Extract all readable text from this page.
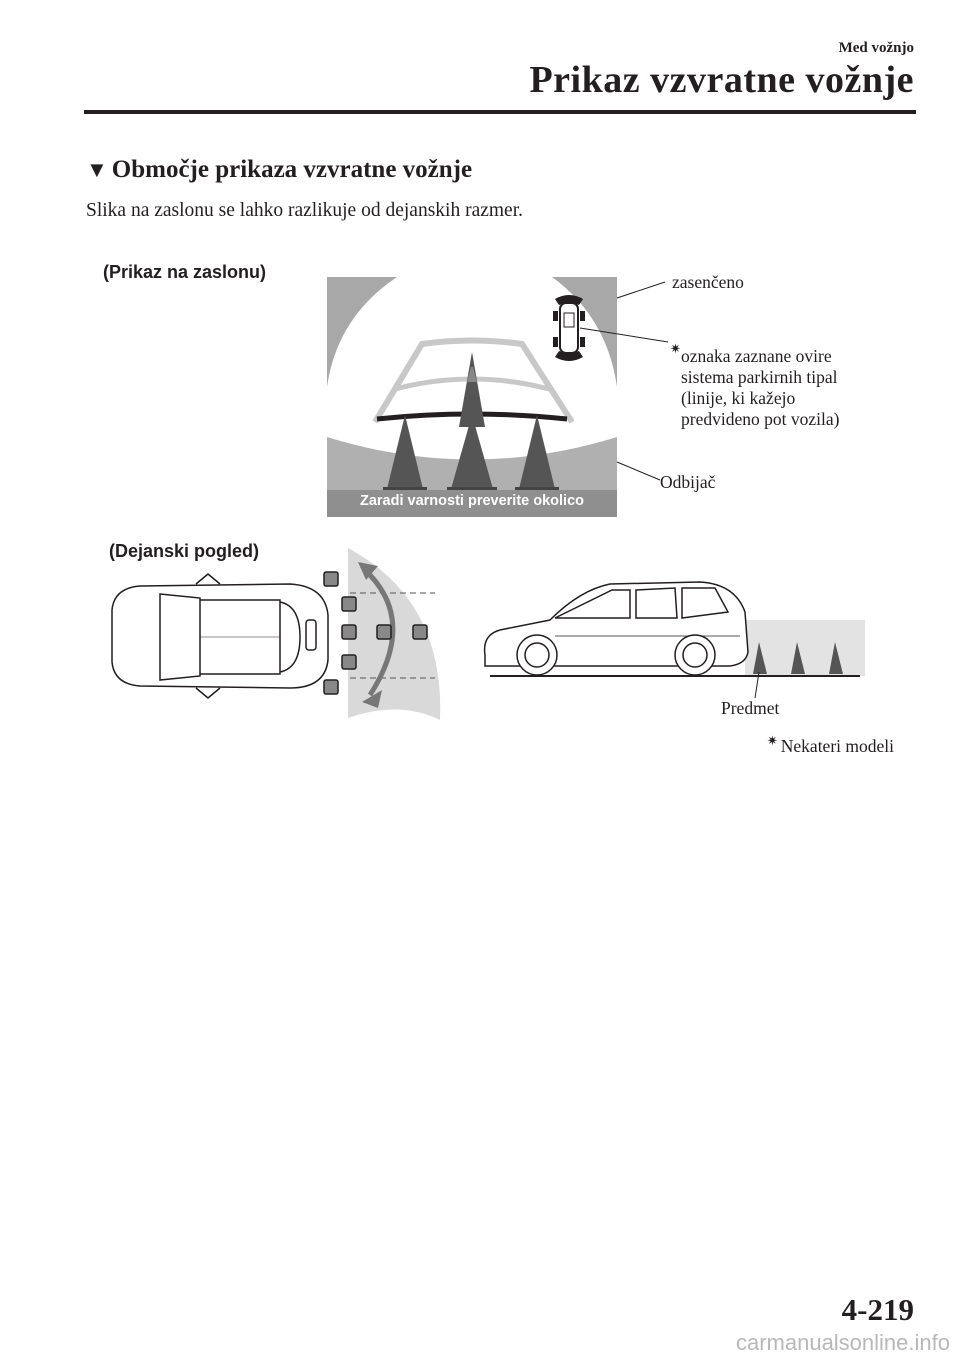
Med vožnjo
Prikaz vzvratne vožnje
▼ Območje prikaza vzvratne vožnje
Slika na zaslonu se lahko razlikuje od dejanskih razmer.
(Prikaz na zaslonu)
Zaradi varnosti preverite okolico
zasenčeno
✷ oznaka zaznane ovire
sistema parkirnih tipal
(linije, ki kažejo
predvideno pot vozila)
Odbijač
(Dejanski pogled)
Predmet
✷ Nekateri modeli
4-219
carmanualsonline.info
